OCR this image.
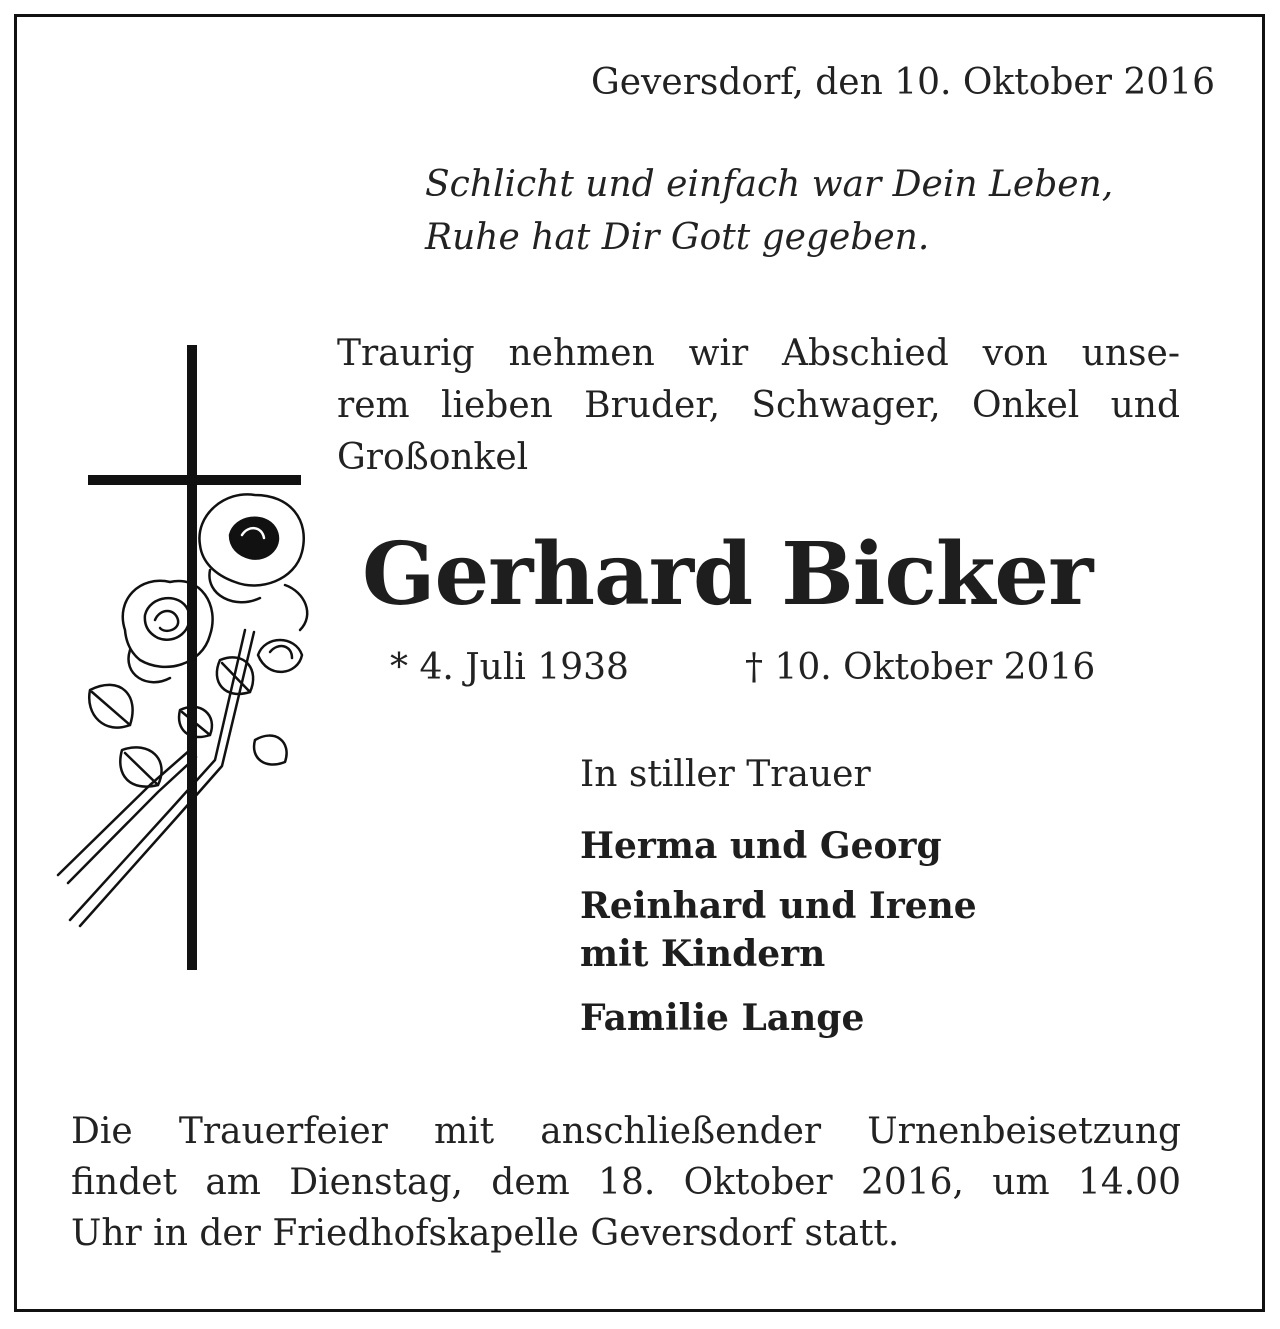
Geversdorf, den 10. Oktober 2016
Schlicht und einfach war Dein Leben,
Ruhe hat Dir Gott gegeben.
Traurig nehmen wir Abschied von unse-
rem lieben Bruder, Schwager, Onkel und
Großonkel
Gerhard Bicker
* 4. Juli 1938	† 10. Oktober 2016
In stiller Trauer
Herma und Georg
Reinhard und Irene
mit Kindern
Familie Lange
Die Trauerfeier mit anschließender Urnenbeisetzung
findet am Dienstag, dem 18. Oktober 2016, um 14.00
Uhr in der Friedhofskapelle Geversdorf statt.
